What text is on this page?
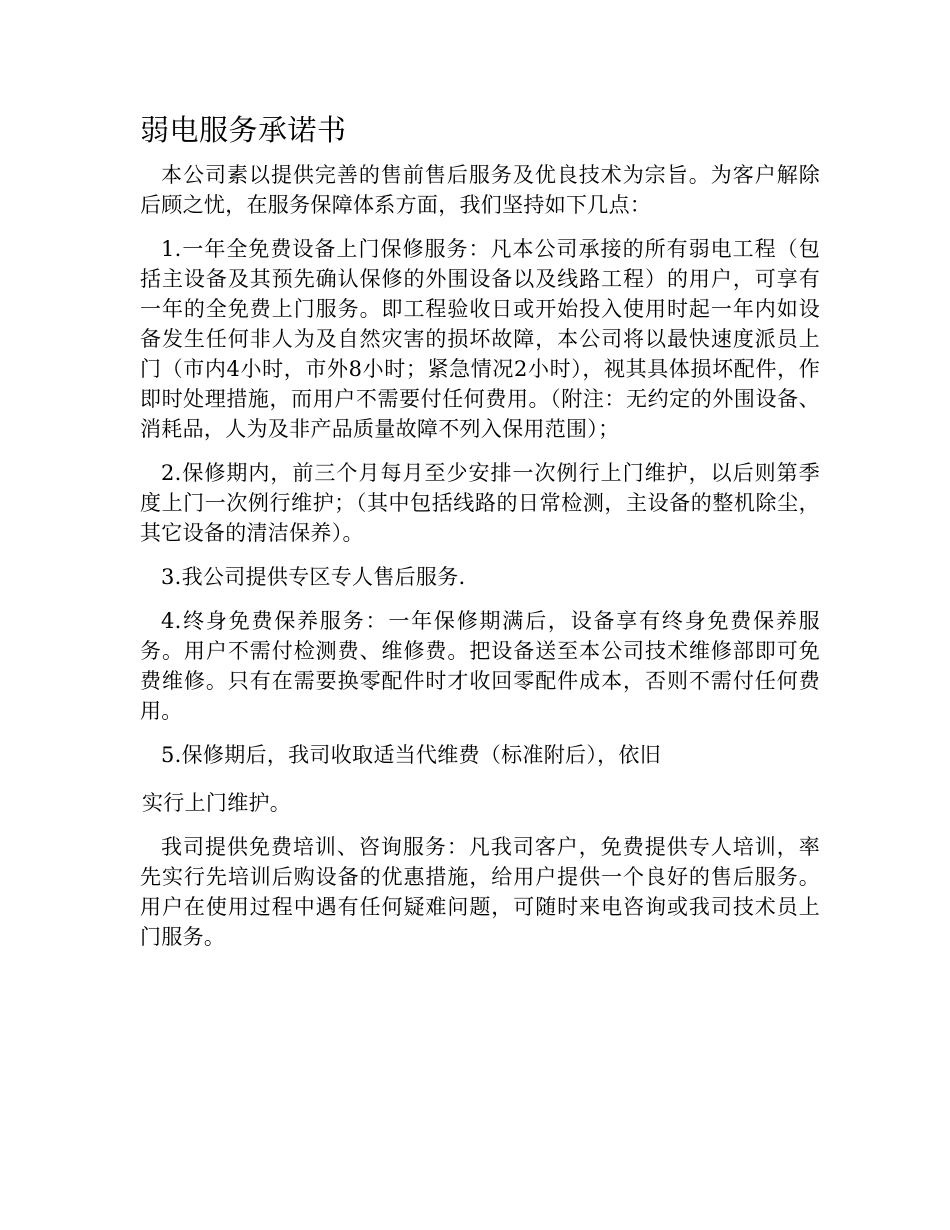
弱电服务承诺书

本公司素以提供完善的售前售后服务及优良技术为宗旨。为客户解除后顾之忧，在服务保障体系方面，我们坚持如下几点：

1.一年全免费设备上门保修服务：凡本公司承接的所有弱电工程（包括主设备及其预先确认保修的外围设备以及线路工程）的用户，可享有一年的全免费上门服务。即工程验收日或开始投入使用时起一年内如设备发生任何非人为及自然灾害的损坏故障，本公司将以最快速度派员上门（市内4小时，市外8小时；紧急情况2小时），视其具体损坏配件，作即时处理措施，而用户不需要付任何费用。（附注：无约定的外围设备、消耗品，人为及非产品质量故障不列入保用范围）；

2.保修期内，前三个月每月至少安排一次例行上门维护，以后则第季度上门一次例行维护；（其中包括线路的日常检测，主设备的整机除尘，其它设备的清洁保养）。

3.我公司提供专区专人售后服务.

4.终身免费保养服务：一年保修期满后，设备享有终身免费保养服务。用户不需付检测费、维修费。把设备送至本公司技术维修部即可免费维修。只有在需要换零配件时才收回零配件成本，否则不需付任何费用。

5.保修期后，我司收取适当代维费（标准附后），依旧

实行上门维护。

我司提供免费培训、咨询服务：凡我司客户，免费提供专人培训，率先实行先培训后购设备的优惠措施，给用户提供一个良好的售后服务。用户在使用过程中遇有任何疑难问题，可随时来电咨询或我司技术员上门服务。
